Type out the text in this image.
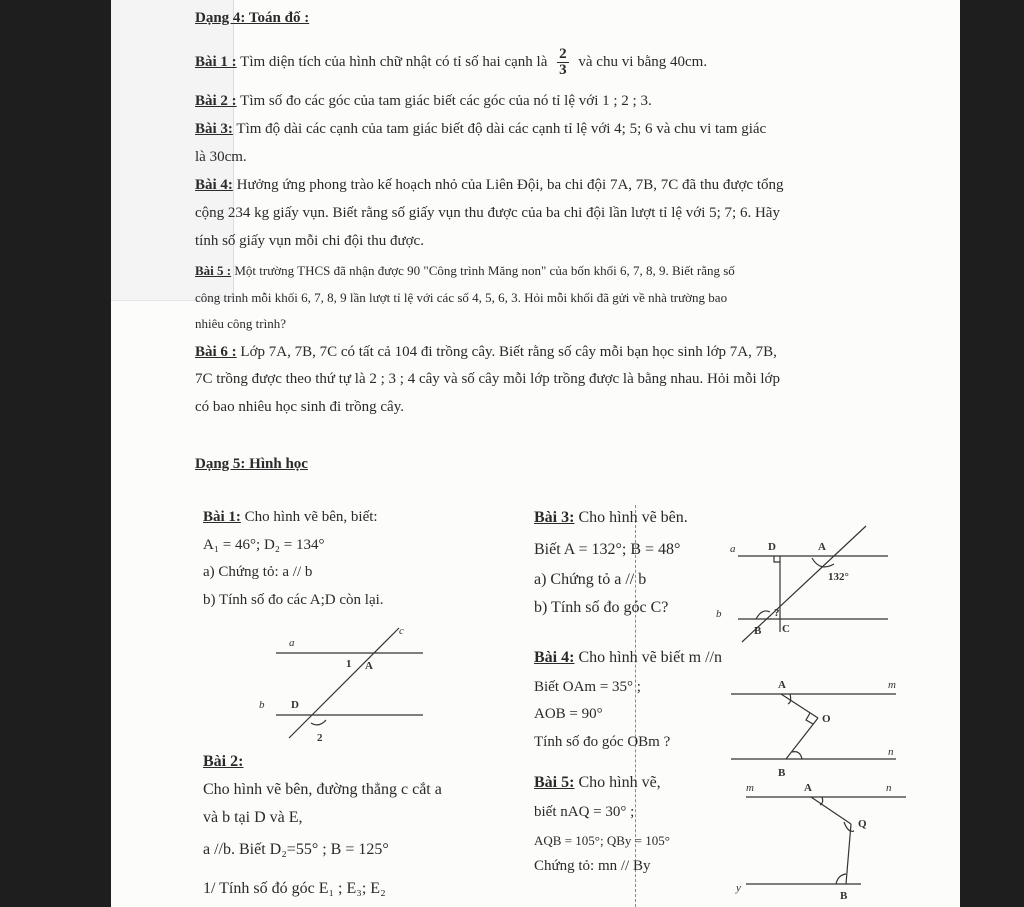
Dạng 4: Toán đố :
Bài 1 : Tìm diện tích của hình chữ nhật có tỉ số hai cạnh là $\frac{2}{3}$ và chu vi bằng 40cm.
Bài 2 : Tìm số đo các góc của tam giác biết các góc của nó tỉ lệ với 1 ; 2 ; 3.
Bài 3: Tìm độ dài các cạnh của tam giác biết độ dài các cạnh tỉ lệ với 4; 5; 6 và chu vi tam giác
là 30cm.
Bài 4: Hưởng ứng phong trào kế hoạch nhỏ của Liên Đội, ba chi đội 7A, 7B, 7C đã thu được tổng
cộng 234 kg giấy vụn. Biết rằng số giấy vụn thu được của ba chi đội lần lượt tỉ lệ với 5; 7; 6. Hãy
tính số giấy vụn mỗi chi đội thu được.
Bài 5 : Một trường THCS đã nhận được 90 "Công trình Măng non" của bốn khối 6, 7, 8, 9. Biết rằng số
công trình mỗi khối 6, 7, 8, 9 lần lượt tỉ lệ với các số 4, 5, 6, 3. Hỏi mỗi khối đã gửi về nhà trường bao
nhiêu công trình?
Bài 6 : Lớp 7A, 7B, 7C có tất cả 104 đi trồng cây. Biết rằng số cây mỗi bạn học sinh lớp 7A, 7B,
7C trồng được theo thứ tự là 2 ; 3 ; 4 cây và số cây mỗi lớp trồng được là bằng nhau. Hỏi mỗi lớp
có bao nhiêu học sinh đi trồng cây.
Dạng 5: Hình học
Bài 1: Cho hình vẽ bên, biết:
A₁ = 46°; D₂ = 134°
a) Chứng tỏ: a // b
b) Tính số đo các A;D còn lại.
a
b
c
A
D
1
2
Bài 2:
Cho hình vẽ bên, đường thẳng c cắt a
và b tại D và E,
a //b. Biết D₂=55° ; B = 125°
1/ Tính số đó góc E₁ ; E₃; E₂
Bài 3: Cho hình vẽ bên.
Biết A = 132°; B = 48°
a) Chứng tỏ a // b
b) Tính số đo góc C?
a
b
D	A
132°
?
B C
Bài 4: Cho hình vẽ biết m //n
Biết OAm = 35° ;
AOB = 90°
Tính số đo góc OBm ?
A	m
O
n
B
Bài 5: Cho hình vẽ,
biết nAQ = 30° ;
AQB = 105°; QBy = 105°
Chứng tỏ: mn // By
m	A	n
Q
y
B
